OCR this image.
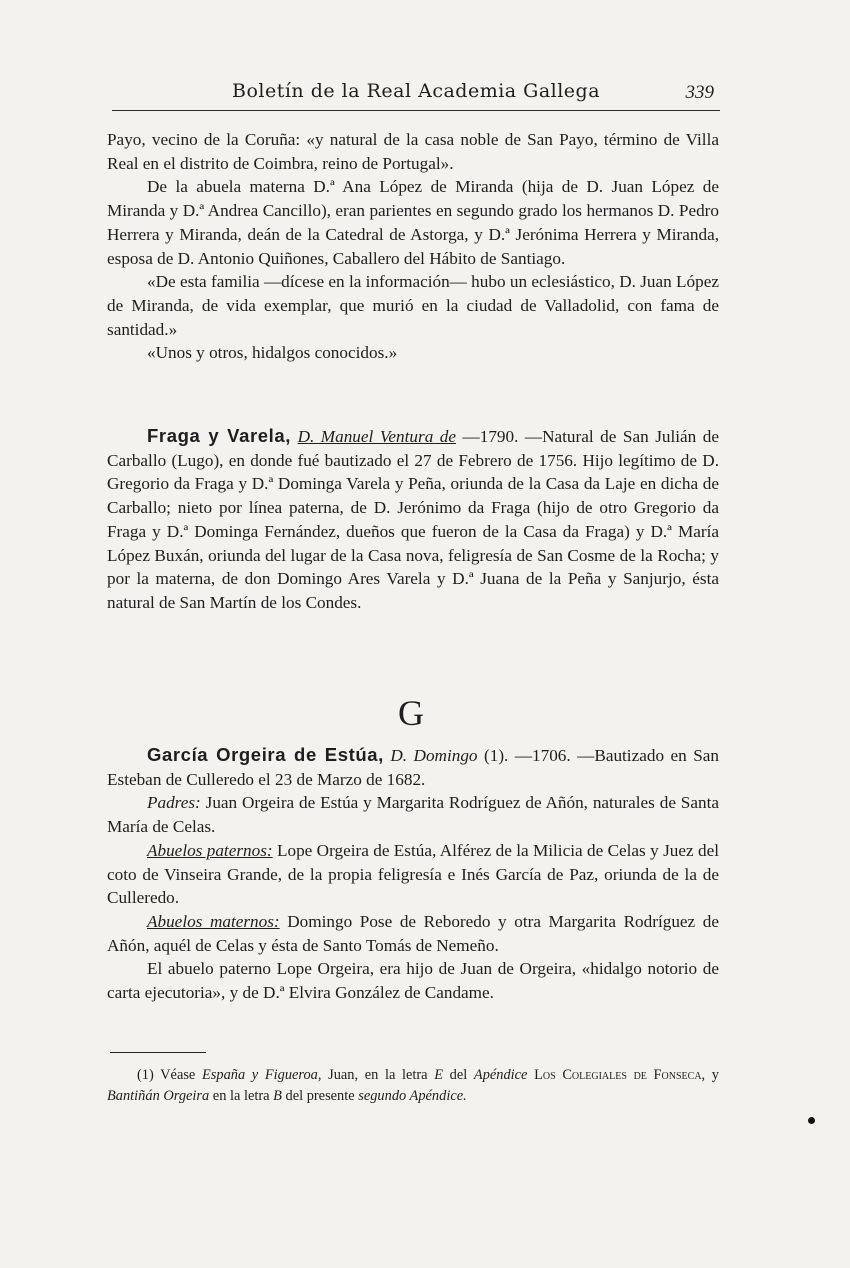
Boletín de la Real Academia Gallega	339

Payo, vecino de la Coruña: «y natural de la casa noble de San Payo, término de Villa Real en el distrito de Coimbra, reino de Portugal».

De la abuela materna D.ª Ana López de Miranda (hija de D. Juan López de Miranda y D.ª Andrea Cancillo), eran parientes en segundo grado los hermanos D. Pedro Herrera y Miranda, deán de la Catedral de Astorga, y D.ª Jerónima Herrera y Miranda, esposa de D. Antonio Quiñones, Caballero del Hábito de Santiago.

«De esta familia —dícese en la información— hubo un eclesiástico, D. Juan López de Miranda, de vida exemplar, que murió en la ciudad de Valladolid, con fama de santidad.»

«Unos y otros, hidalgos conocidos.»

Fraga y Varela, D. Manuel Ventura de —1790. —Natural de San Julián de Carballo (Lugo), en donde fué bautizado el 27 de Febrero de 1756. Hijo legítimo de D. Gregorio da Fraga y D.ª Dominga Varela y Peña, oriunda de la Casa da Laje en dicha de Carballo; nieto por línea paterna, de D. Jerónimo da Fraga (hijo de otro Gregorio da Fraga y D.ª Dominga Fernández, dueños que fueron de la Casa da Fraga) y D.ª María López Buxán, oriunda del lugar de la Casa nova, feligresía de San Cosme de la Rocha; y por la materna, de don Domingo Ares Varela y D.ª Juana de la Peña y Sanjurjo, ésta natural de San Martín de los Condes.

G

García Orgeira de Estúa, D. Domingo (1). —1706. —Bautizado en San Esteban de Culleredo el 23 de Marzo de 1682.

Padres: Juan Orgeira de Estúa y Margarita Rodríguez de Añón, naturales de Santa María de Celas.

Abuelos paternos: Lope Orgeira de Estúa, Alférez de la Milicia de Celas y Juez del coto de Vinseira Grande, de la propia feligresía e Inés García de Paz, oriunda de la de Culleredo.

Abuelos maternos: Domingo Pose de Reboredo y otra Margarita Rodríguez de Añón, aquél de Celas y ésta de Santo Tomás de Nemeño.

El abuelo paterno Lope Orgeira, era hijo de Juan de Orgeira, «hidalgo notorio de carta ejecutoria», y de D.ª Elvira González de Candame.

(1) Véase España y Figueroa, Juan, en la letra E del Apéndice Los Colegiales de Fonseca, y Bantiñán Orgeira en la letra B del presente segundo Apéndice.
